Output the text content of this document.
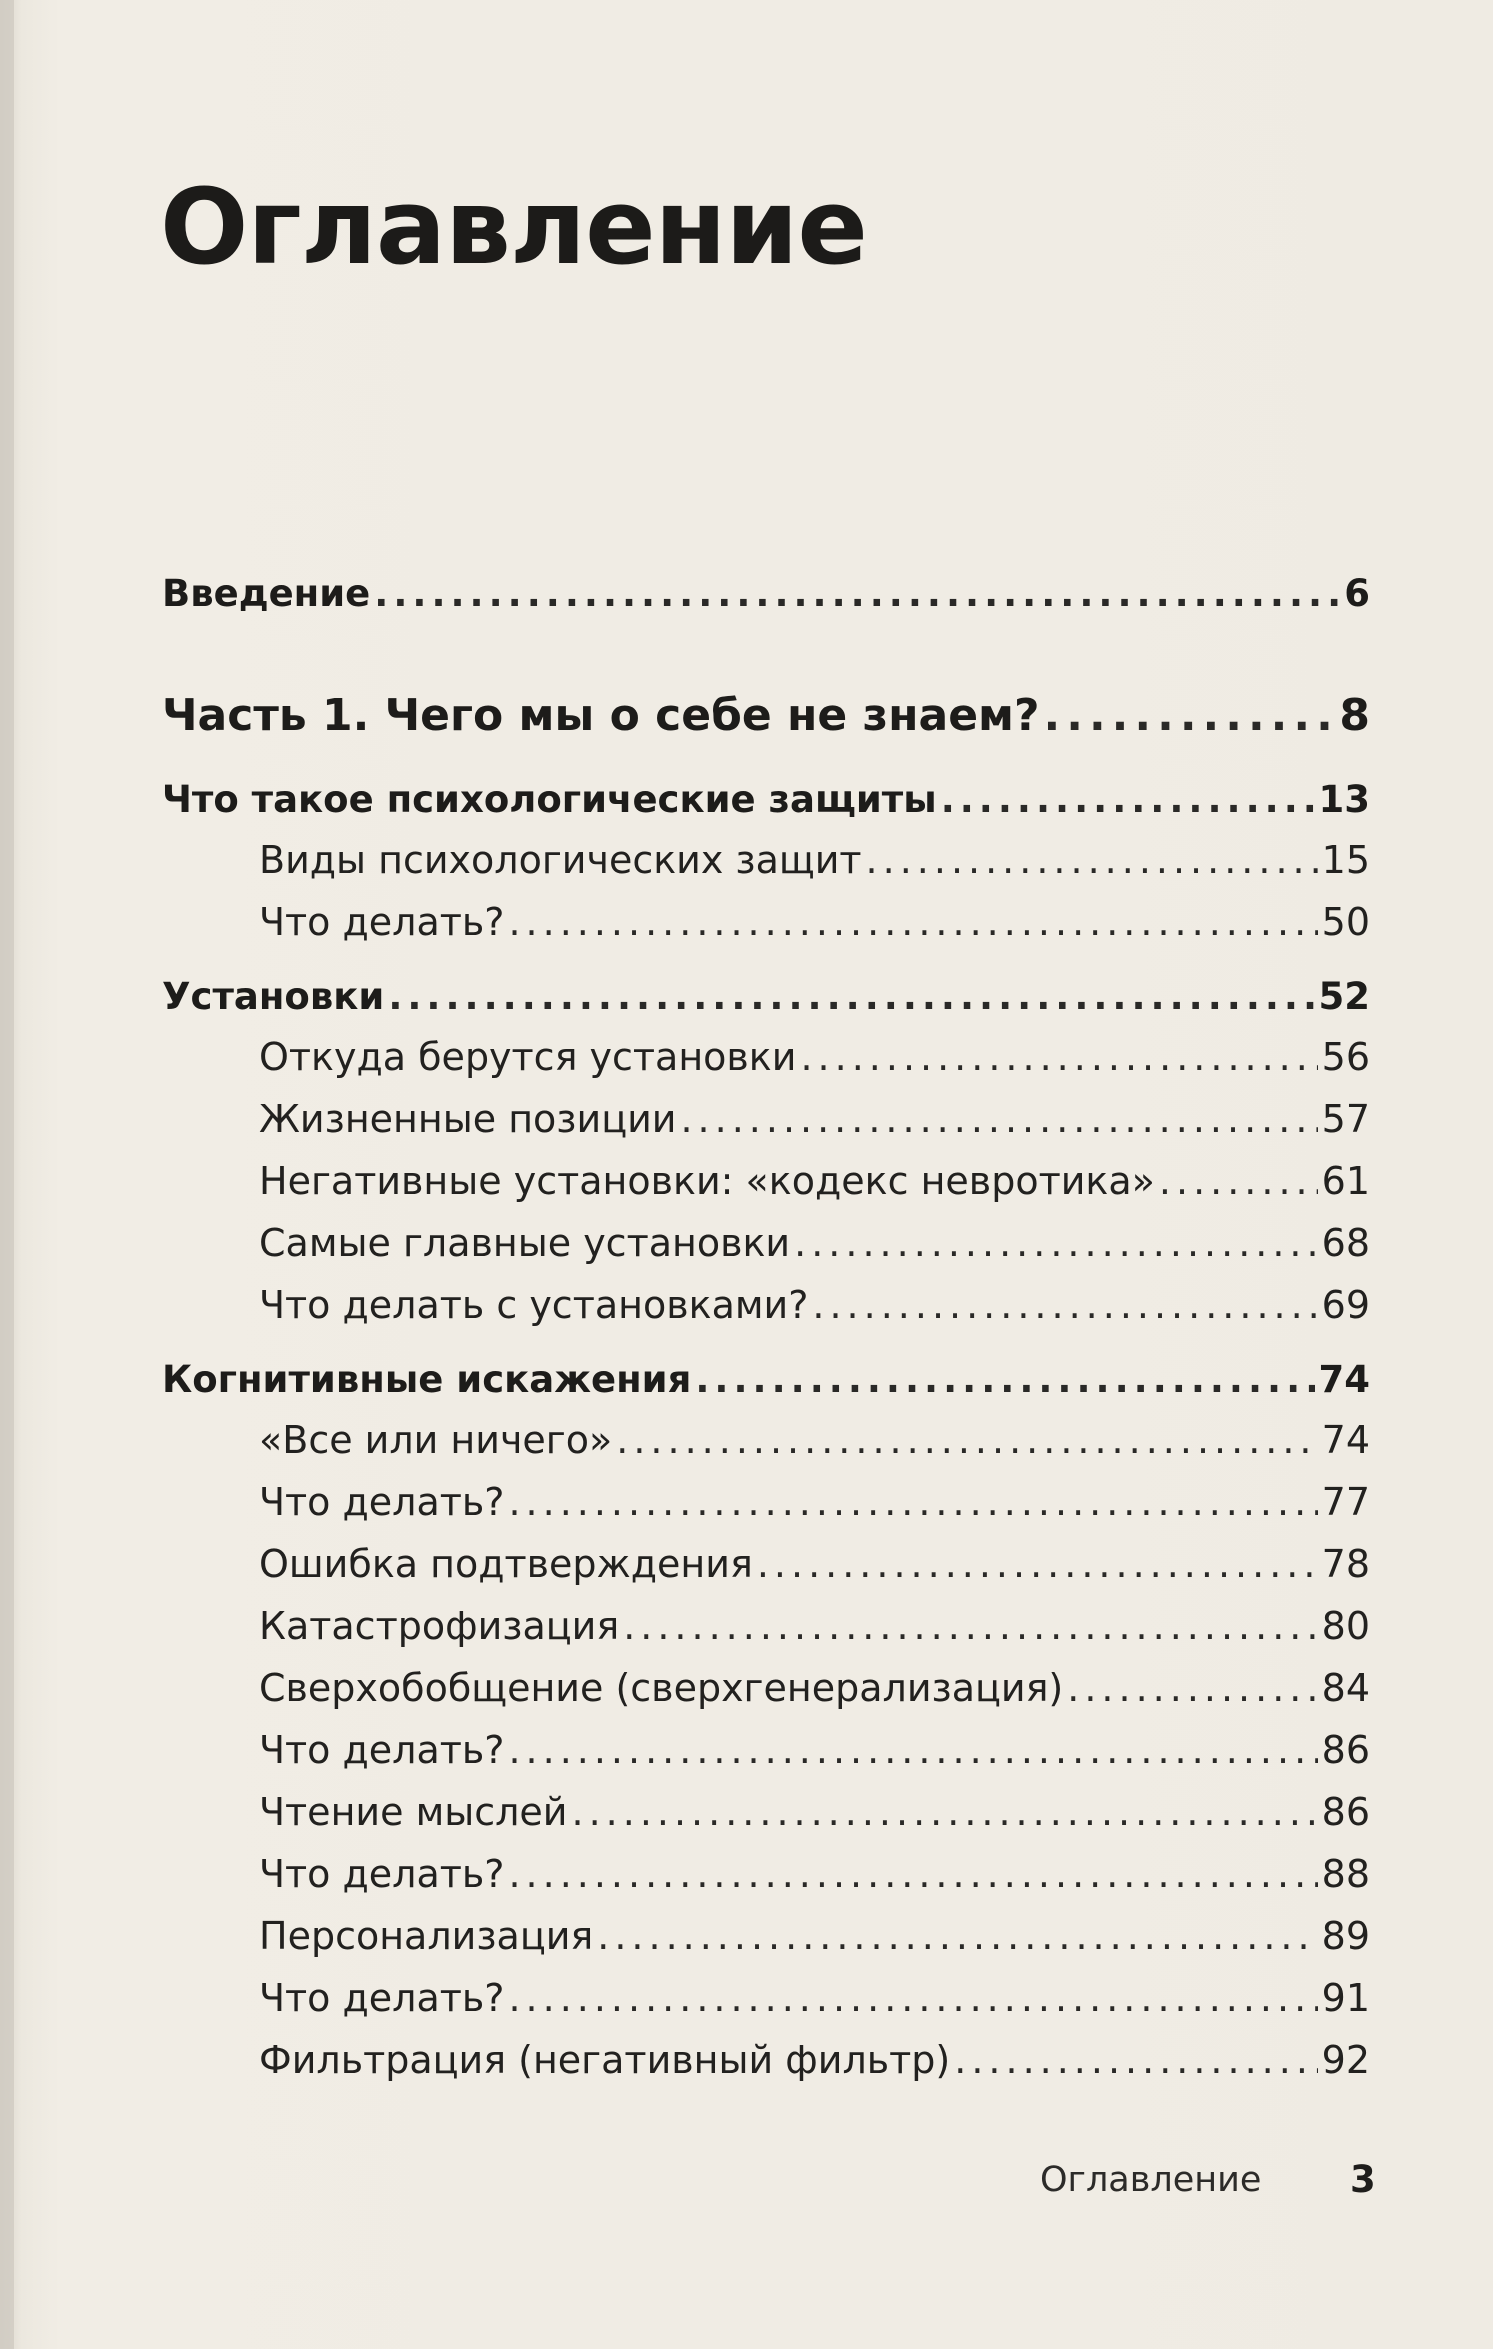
Оглавление
Введение .....	6
Часть 1. Чего мы о себе не знаем? .....	8
Что такое психологические защиты .....	13
Виды психологических защит .....	15
Что делать? .....	50
Установки .....	52
Откуда берутся установки .....	56
Жизненные позиции .....	57
Негативные установки: «кодекс невротика» .....	61
Самые главные установки .....	68
Что делать с установками? .....	69
Когнитивные искажения .....	74
«Все или ничего» .....	74
Что делать? .....	77
Ошибка подтверждения .....	78
Катастрофизация .....	80
Сверхобобщение (сверхгенерализация) .....	84
Что делать? .....	86
Чтение мыслей .....	86
Что делать? .....	88
Персонализация .....	89
Что делать? .....	91
Фильтрация (негативный фильтр) .....	92
Оглавление 3
